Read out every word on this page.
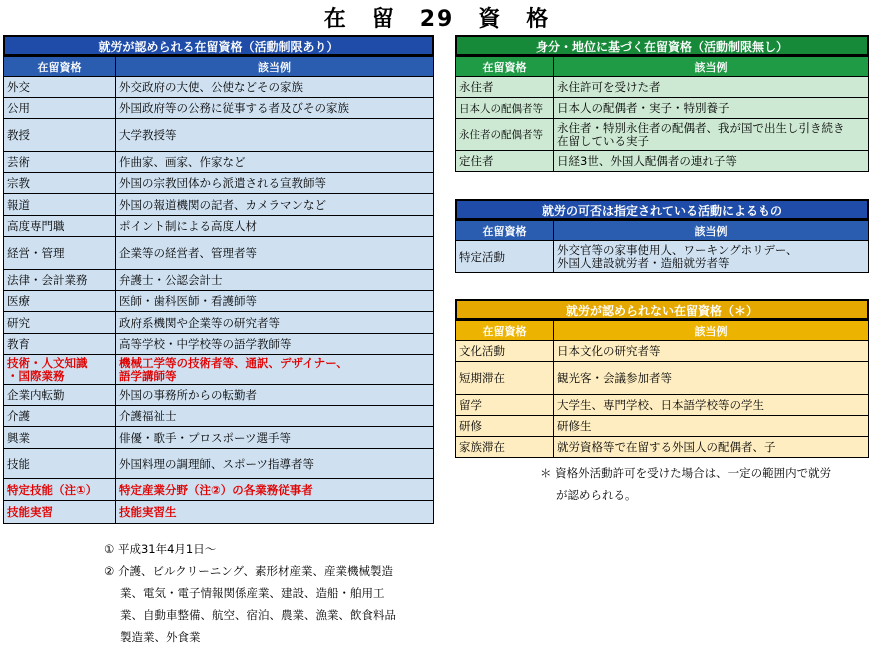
在　留　29　資　格
就労が認められる在留資格（活動制限あり）
在留資格	該当例
外交	外交政府の大使、公使などその家族
公用	外国政府等の公務に従事する者及びその家族
教授	大学教授等
芸術	作曲家、画家、作家など
宗教	外国の宗教団体から派遣される宣教師等
報道	外国の報道機関の記者、カメラマンなど
高度専門職	ポイント制による高度人材
経営・管理	企業等の経営者、管理者等
法律・会計業務	弁護士・公認会計士
医療	医師・歯科医師・看護師等
研究	政府系機関や企業等の研究者等
教育	高等学校・中学校等の語学教師等
技術・人文知識
・国際業務	機械工学等の技術者等、通訳、デザイナー、
語学講師等
企業内転勤	外国の事務所からの転勤者
介護	介護福祉士
興業	俳優・歌手・プロスポーツ選手等
技能	外国料理の調理師、スポーツ指導者等
特定技能（注①）	特定産業分野（注②）の各業務従事者
技能実習	技能実習生
① 平成31年4月1日～
② 介護、ビルクリーニング、素形材産業、産業機械製造
業、電気・電子情報関係産業、建設、造船・舶用工
業、自動車整備、航空、宿泊、農業、漁業、飲食料品
製造業、外食業
身分・地位に基づく在留資格（活動制限無し）
在留資格	該当例
永住者	永住許可を受けた者
日本人の配偶者等	日本人の配偶者・実子・特別養子
永住者の配偶者等	永住者・特別永住者の配偶者、我が国で出生し引き続き
在留している実子
定住者	日経3世、外国人配偶者の連れ子等
就労の可否は指定されている活動によるもの
在留資格	該当例
特定活動	外交官等の家事使用人、ワーキングホリデー、
外国人建設就労者・造船就労者等
就労が認められない在留資格（＊）
在留資格	該当例
文化活動	日本文化の研究者等
短期滞在	観光客・会議参加者等
留学	大学生、専門学校、日本語学校等の学生
研修	研修生
家族滞在	就労資格等で在留する外国人の配偶者、子
＊ 資格外活動許可を受けた場合は、一定の範囲内で就労
が認められる。
